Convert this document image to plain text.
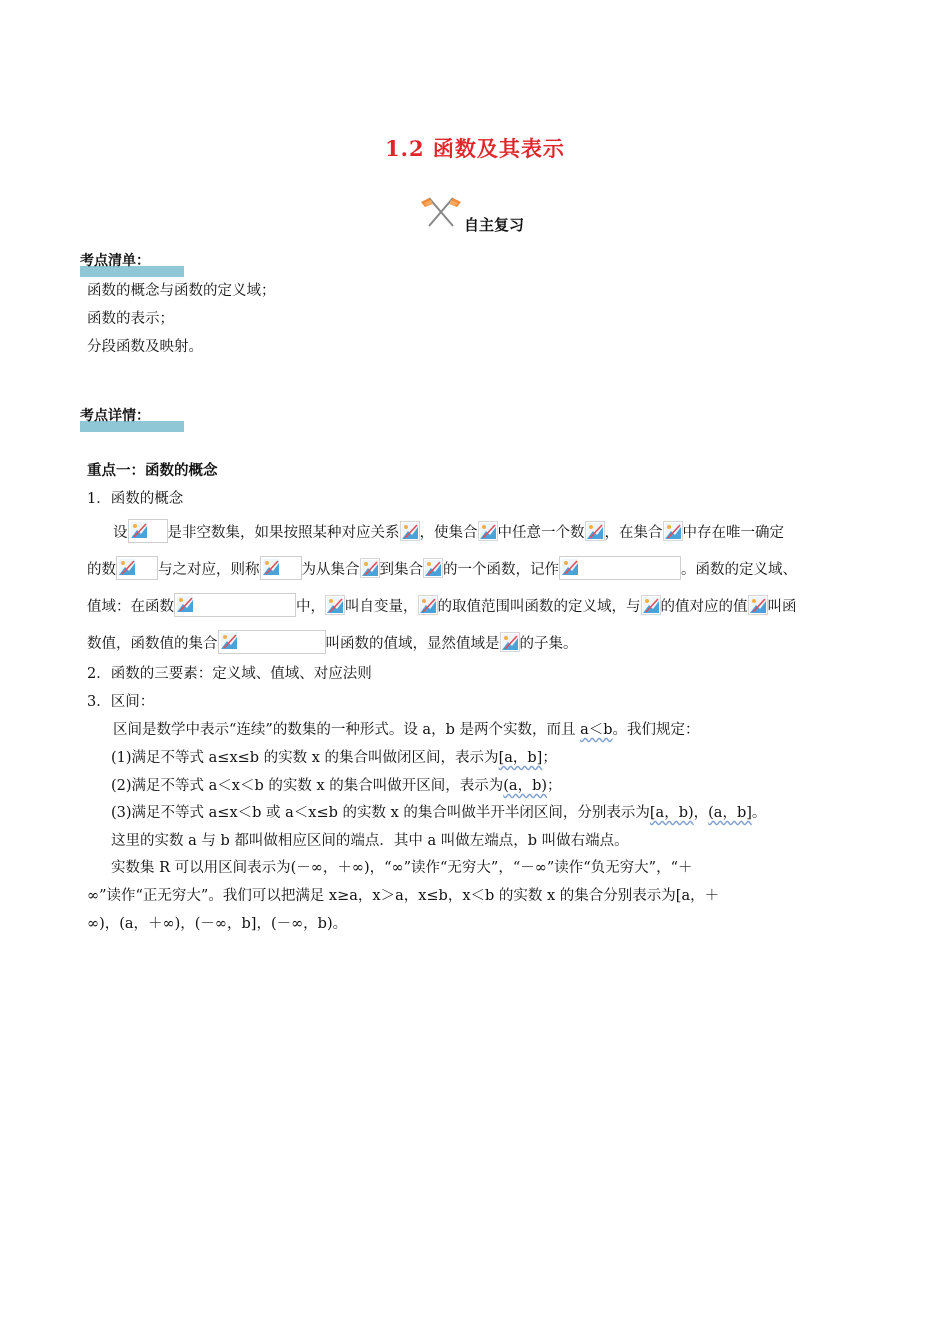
1.2 函数及其表示
自主复习
考点清单：
函数的概念与函数的定义域；
函数的表示；
分段函数及映射。
考点详情：
重点一：函数的概念
1．函数的概念
设	是非空数集，如果按照某种对应关系 ，使集合 中任意一个数 ，在集合 中存在唯一确定
的数	与之对应，则称	为从集合 到集合 的一个函数，记作	。函数的定义域、
值域：在函数	中， 叫自变量， 的取值范围叫函数的定义域，与 的值对应的值 叫函
数值，函数值的集合	叫函数的值域，显然值域是 的子集。
2．函数的三要素：定义域、值域、对应法则
3．区间：
区间是数学中表示“连续”的数集的一种形式。设 a，b 是两个实数，而且 a＜b。我们规定：
(1)满足不等式 a≤x≤b 的实数 x 的集合叫做闭区间，表示为[a，b]；
(2)满足不等式 a＜x＜b 的实数 x 的集合叫做开区间，表示为(a，b)；
(3)满足不等式 a≤x＜b 或 a＜x≤b 的实数 x 的集合叫做半开半闭区间，分别表示为[a，b)，(a，b]。
这里的实数 a 与 b 都叫做相应区间的端点．其中 a 叫做左端点，b 叫做右端点。
实数集 R 可以用区间表示为(－∞，＋∞)，“∞”读作“无穷大”，“－∞”读作“负无穷大”，“＋
∞”读作“正无穷大”。我们可以把满足 x≥a，x＞a，x≤b，x＜b 的实数 x 的集合分别表示为[a，＋
∞)，(a，＋∞)，(－∞，b]，(－∞，b)。
